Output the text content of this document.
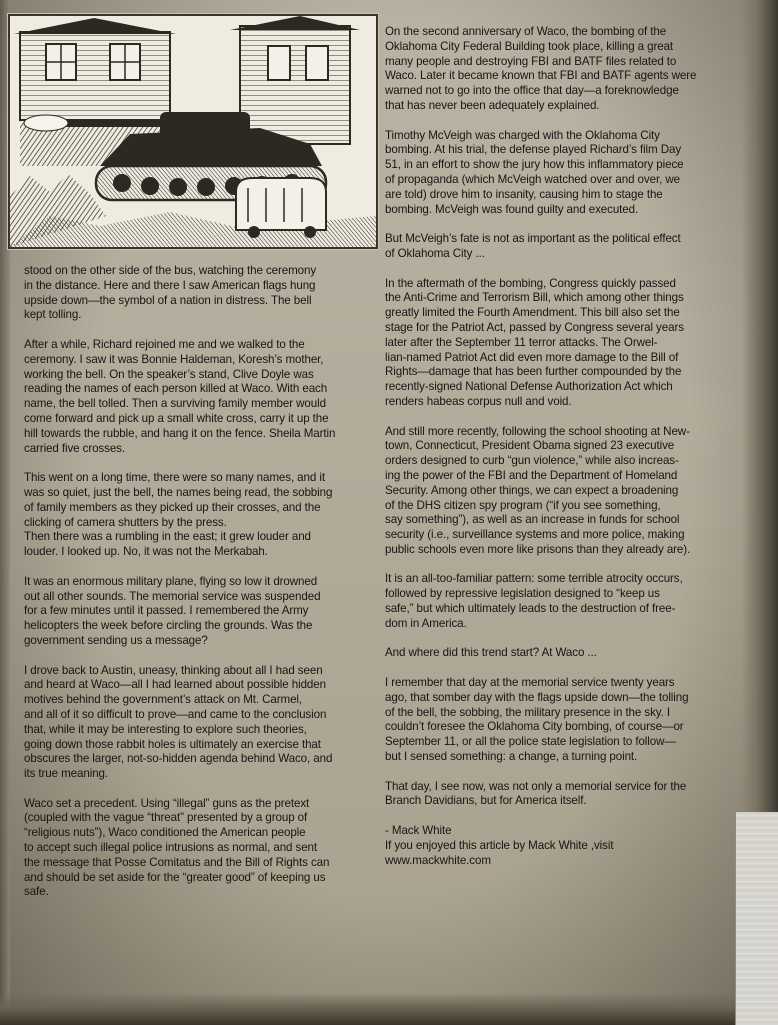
stood on the other side of the bus, watching the ceremony
in the distance. Here and there I saw American flags hung
upside down—the symbol of a nation in distress. The bell
kept tolling.

After a while, Richard rejoined me and we walked to the
ceremony. I saw it was Bonnie Haldeman, Koresh’s mother,
working the bell. On the speaker’s stand, Clive Doyle was
reading the names of each person killed at Waco. With each
name, the bell tolled. Then a surviving family member would
come forward and pick up a small white cross, carry it up the
hill towards the rubble, and hang it on the fence. Sheila Martin
carried five crosses.

This went on a long time, there were so many names, and it
was so quiet, just the bell, the names being read, the sobbing
of family members as they picked up their crosses, and the
clicking of camera shutters by the press.
Then there was a rumbling in the east; it grew louder and
louder. I looked up. No, it was not the Merkabah.

It was an enormous military plane, flying so low it drowned
out all other sounds. The memorial service was suspended
for a few minutes until it passed. I remembered the Army
helicopters the week before circling the grounds. Was the
government sending us a message?

I drove back to Austin, uneasy, thinking about all I had seen
and heard at Waco—all I had learned about possible hidden
motives behind the government’s attack on Mt. Carmel,
and all of it so difficult to prove—and came to the conclusion
that, while it may be interesting to explore such theories,
going down those rabbit holes is ultimately an exercise that
obscures the larger, not-so-hidden agenda behind Waco, and
its true meaning.

Waco set a precedent. Using “illegal” guns as the pretext
(coupled with the vague “threat” presented by a group of
“religious nuts”), Waco conditioned the American people
to accept such illegal police intrusions as normal, and sent
the message that Posse Comitatus and the Bill of Rights can
and should be set aside for the “greater good” of keeping us
safe.

On the second anniversary of Waco, the bombing of the
Oklahoma City Federal Building took place, killing a great
many people and destroying FBI and BATF files related to
Waco. Later it became known that FBI and BATF agents were
warned not to go into the office that day—a foreknowledge
that has never been adequately explained.

Timothy McVeigh was charged with the Oklahoma City
bombing. At his trial, the defense played Richard’s film Day
51, in an effort to show the jury how this inflammatory piece
of propaganda (which McVeigh watched over and over, we
are told) drove him to insanity, causing him to stage the
bombing. McVeigh was found guilty and executed.

But McVeigh’s fate is not as important as the political effect
of Oklahoma City ...

In the aftermath of the bombing, Congress quickly passed
the Anti-Crime and Terrorism Bill, which among other things
greatly limited the Fourth Amendment. This bill also set the
stage for the Patriot Act, passed by Congress several years
later after the September 11 terror attacks. The Orwel-
lian-named Patriot Act did even more damage to the Bill of
Rights—damage that has been further compounded by the
recently-signed National Defense Authorization Act which
renders habeas corpus null and void.

And still more recently, following the school shooting at New-
town, Connecticut, President Obama signed 23 executive
orders designed to curb “gun violence,” while also increas-
ing the power of the FBI and the Department of Homeland
Security. Among other things, we can expect a broadening
of the DHS citizen spy program (“if you see something,
say something”), as well as an increase in funds for school
security (i.e., surveillance systems and more police, making
public schools even more like prisons than they already are).

It is an all-too-familiar pattern: some terrible atrocity occurs,
followed by repressive legislation designed to “keep us
safe,” but which ultimately leads to the destruction of free-
dom in America.

And where did this trend start? At Waco ...

I remember that day at the memorial service twenty years
ago, that somber day with the flags upside down—the tolling
of the bell, the sobbing, the military presence in the sky. I
couldn’t foresee the Oklahoma City bombing, of course—or
September 11, or all the police state legislation to follow—
but I sensed something: a change, a turning point.

That day, I see now, was not only a memorial service for the
Branch Davidians, but for America itself.

- Mack White

If you enjoyed this article by Mack White ,visit
www.mackwhite.com
